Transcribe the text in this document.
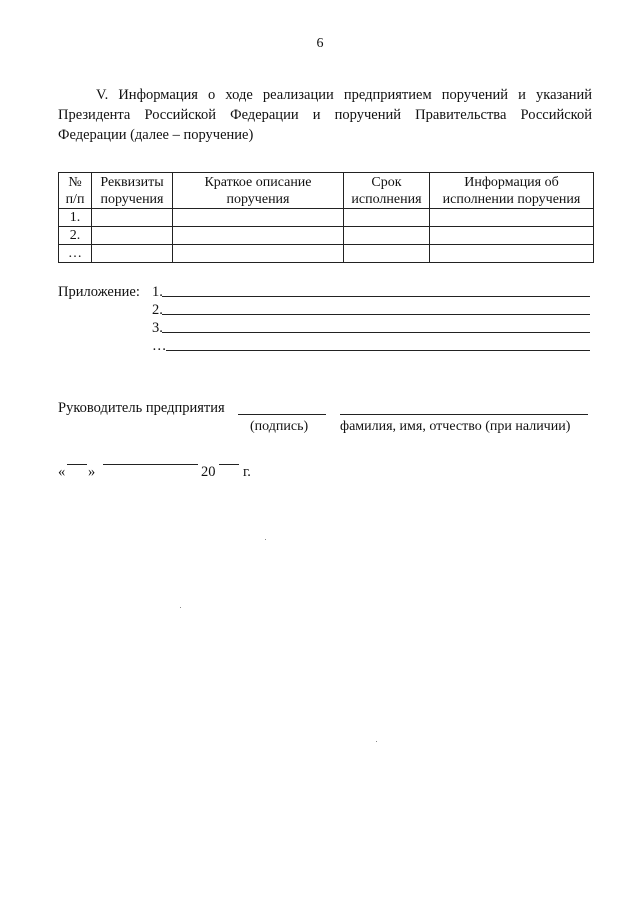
6
V. Информация о ходе реализации предприятием поручений и указаний Президента Российской Федерации и поручений Правительства Российской Федерации (далее – поручение)
№ п/п	Реквизиты поручения	Краткое описание поручения	Срок исполнения	Информация об исполнении поручения
1.				
2.				
…				
Приложение: 1.
2.
3.
…
Руководитель предприятия
(подпись) фамилия, имя, отчество (при наличии)
« »	20 г.
